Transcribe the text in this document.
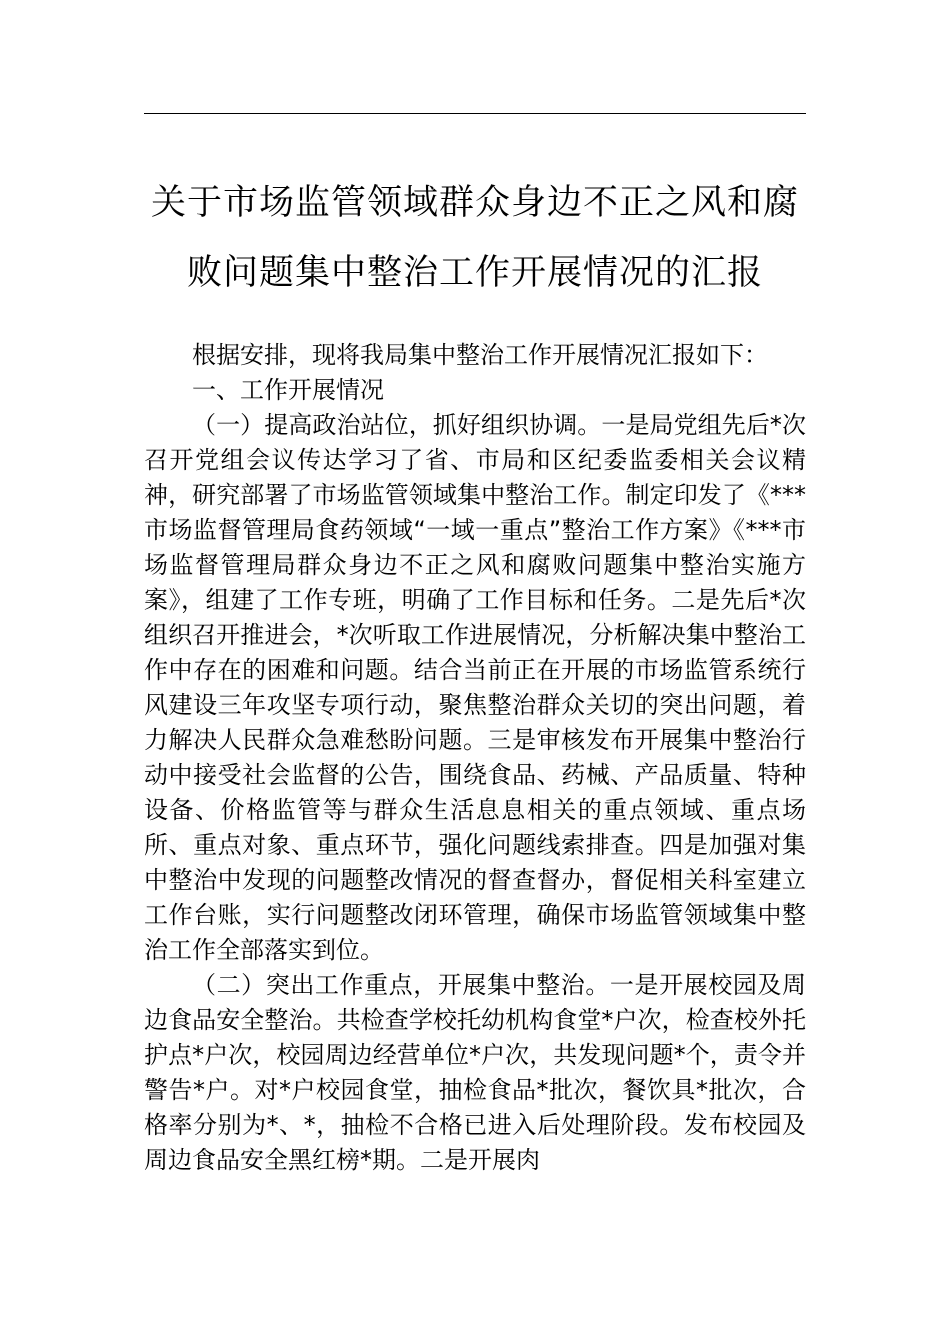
关于市场监管领域群众身边不正之风和腐
败问题集中整治工作开展情况的汇报

根据安排，现将我局集中整治工作开展情况汇报如下：

一、工作开展情况

（一）提高政治站位，抓好组织协调。一是局党组先后*次召开党组会议传达学习了省、市局和区纪委监委相关会议精神，研究部署了市场监管领域集中整治工作。制定印发了《***市场监督管理局食药领域“一域一重点”整治工作方案》《***市场监督管理局群众身边不正之风和腐败问题集中整治实施方案》，组建了工作专班，明确了工作目标和任务。二是先后*次组织召开推进会，*次听取工作进展情况，分析解决集中整治工作中存在的困难和问题。结合当前正在开展的市场监管系统行风建设三年攻坚专项行动，聚焦整治群众关切的突出问题，着力解决人民群众急难愁盼问题。三是审核发布开展集中整治行动中接受社会监督的公告，围绕食品、药械、产品质量、特种设备、价格监管等与群众生活息息相关的重点领域、重点场所、重点对象、重点环节，强化问题线索排查。四是加强对集中整治中发现的问题整改情况的督查督办，督促相关科室建立工作台账，实行问题整改闭环管理，确保市场监管领域集中整治工作全部落实到位。

（二）突出工作重点，开展集中整治。一是开展校园及周边食品安全整治。共检查学校托幼机构食堂*户次，检查校外托护点*户次，校园周边经营单位*户次，共发现问题*个，责令并警告*户。对*户校园食堂，抽检食品*批次，餐饮具*批次，合格率分别为*、*，抽检不合格已进入后处理阶段。发布校园及周边食品安全黑红榜*期。二是开展肉
